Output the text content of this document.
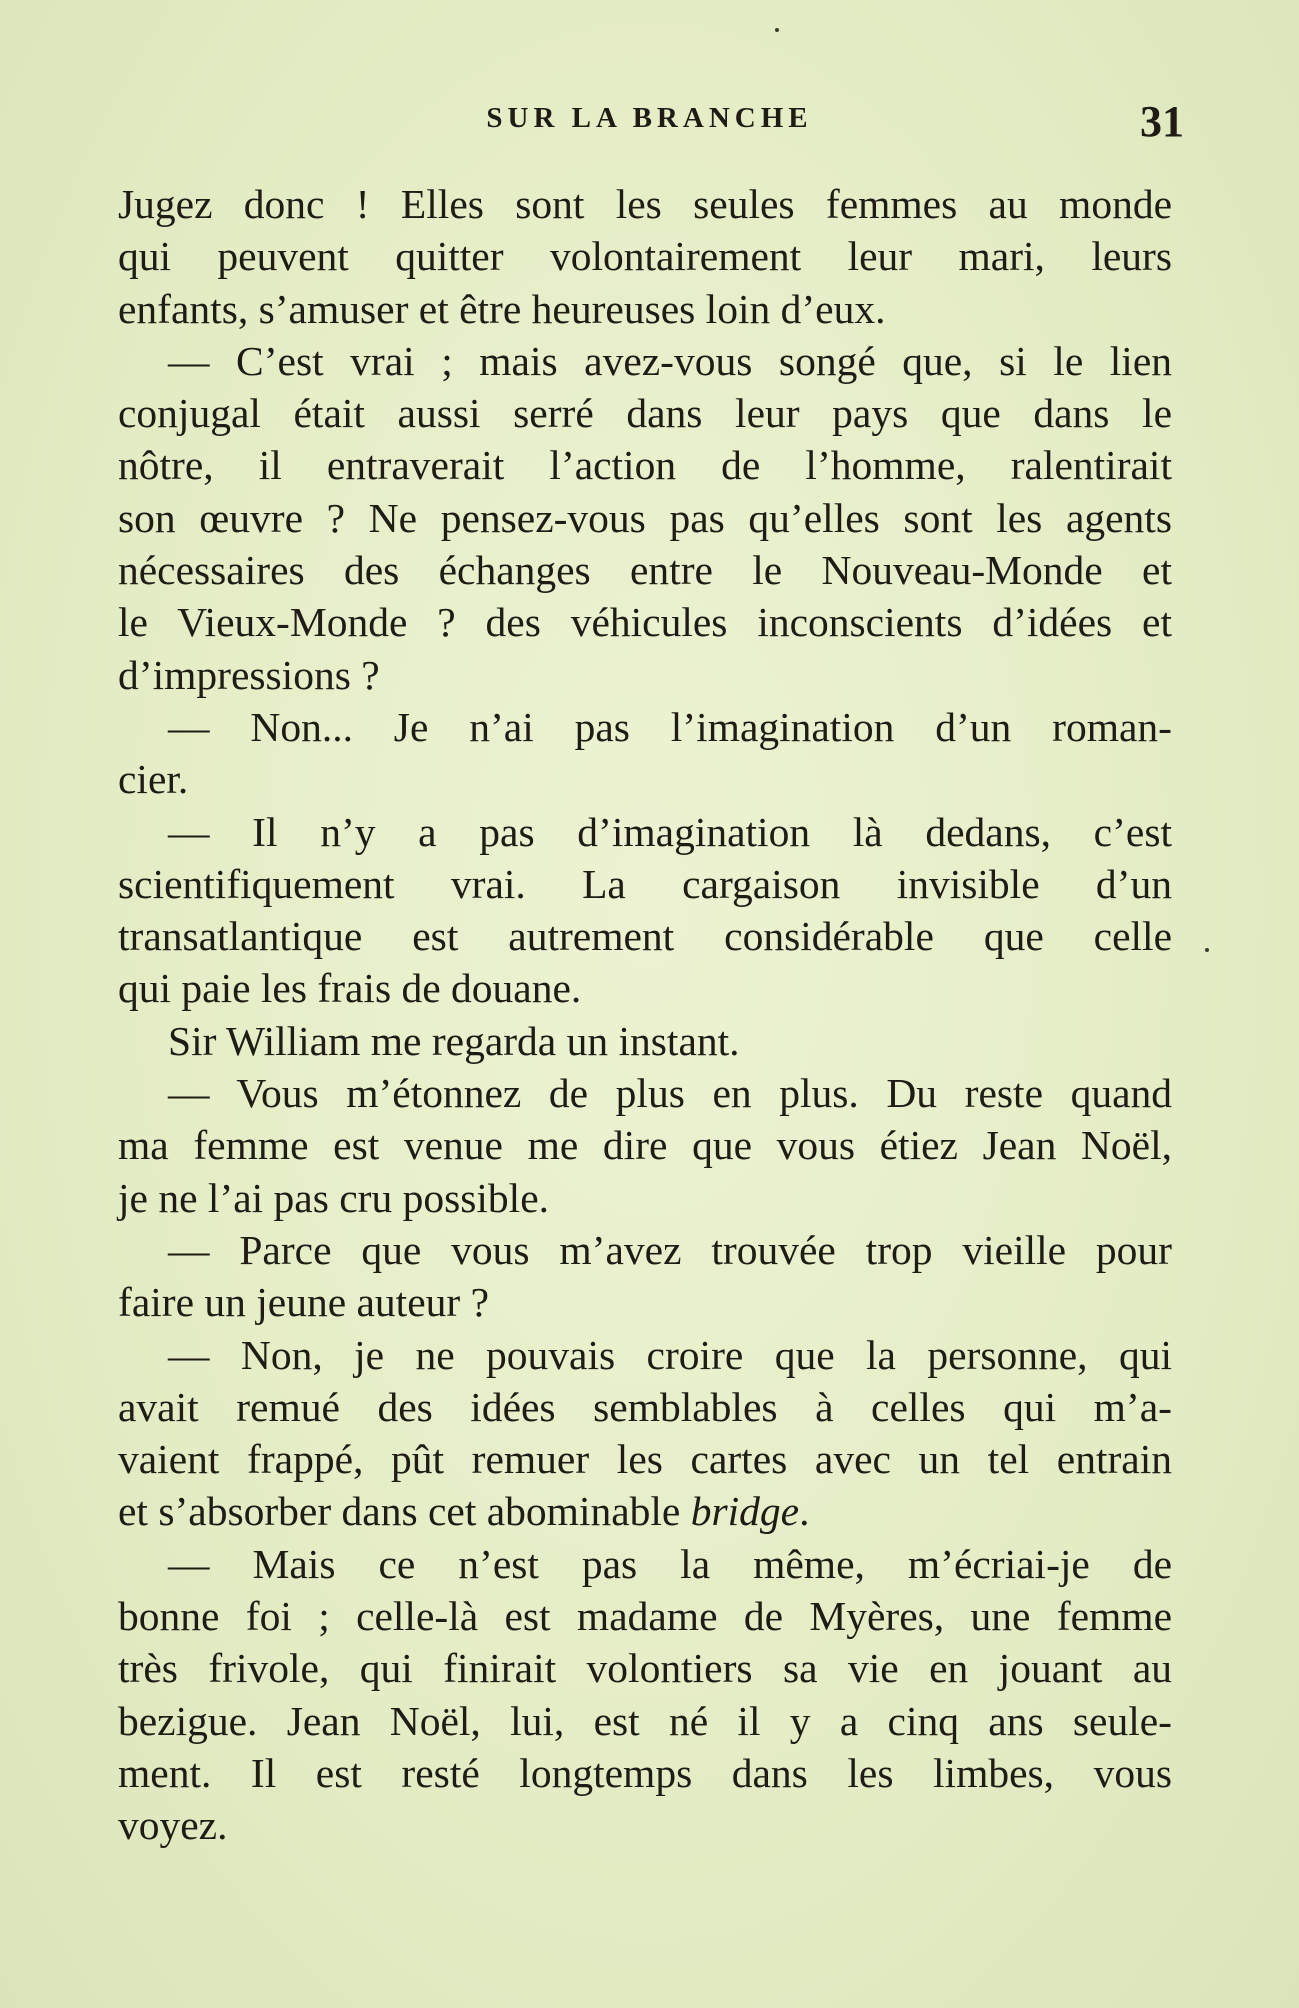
SUR LA BRANCHE	31
Jugez donc ! Elles sont les seules femmes au monde
qui peuvent quitter volontairement leur mari, leurs
enfants, s’amuser et être heureuses loin d’eux.
— C’est vrai ; mais avez-vous songé que, si le lien
conjugal était aussi serré dans leur pays que dans le
nôtre, il entraverait l’action de l’homme, ralentirait
son œuvre ? Ne pensez-vous pas qu’elles sont les agents
nécessaires des échanges entre le Nouveau-Monde et
le Vieux-Monde ? des véhicules inconscients d’idées et
d’impressions ?
— Non... Je n’ai pas l’imagination d’un roman-
cier.
— Il n’y a pas d’imagination là dedans, c’est
scientifiquement vrai. La cargaison invisible d’un
transatlantique est autrement considérable que celle
qui paie les frais de douane.
Sir William me regarda un instant.
— Vous m’étonnez de plus en plus. Du reste quand
ma femme est venue me dire que vous étiez Jean Noël,
je ne l’ai pas cru possible.
— Parce que vous m’avez trouvée trop vieille pour
faire un jeune auteur ?
— Non, je ne pouvais croire que la personne, qui
avait remué des idées semblables à celles qui m’a-
vaient frappé, pût remuer les cartes avec un tel entrain
et s’absorber dans cet abominable bridge.
— Mais ce n’est pas la même, m’écriai-je de
bonne foi ; celle-là est madame de Myères, une femme
très frivole, qui finirait volontiers sa vie en jouant au
bezigue. Jean Noël, lui, est né il y a cinq ans seule-
ment. Il est resté longtemps dans les limbes, vous
voyez.
